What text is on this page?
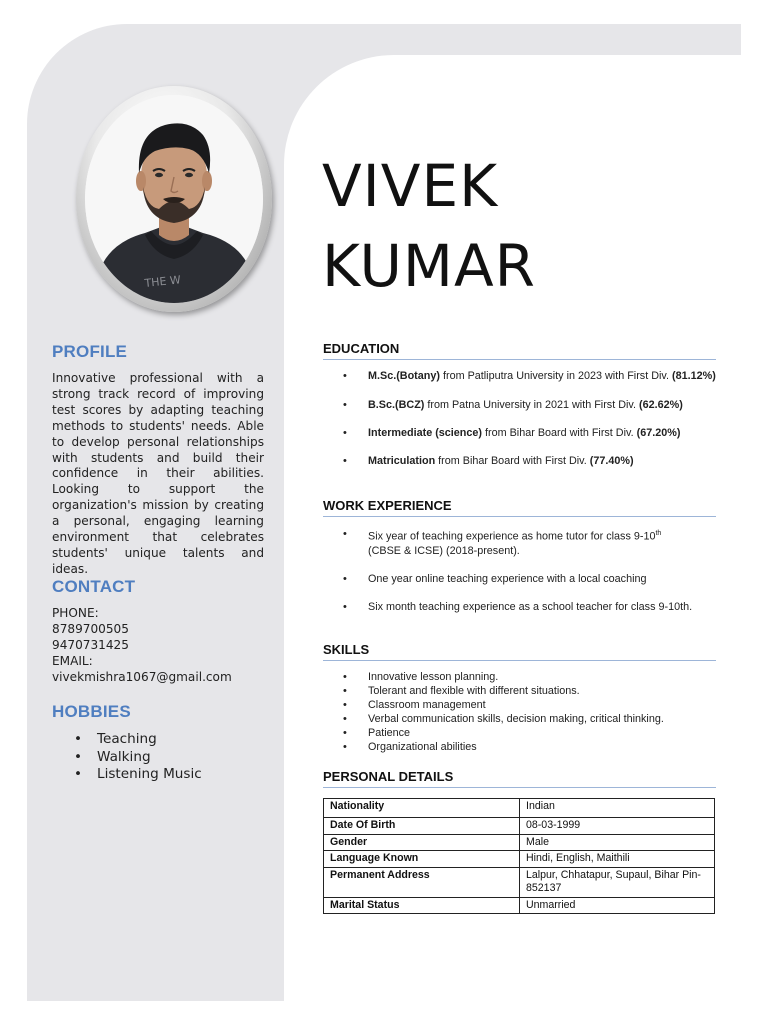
THE W
VIVEK
KUMAR
PROFILE
Innovative professional with a strong track record of improving test scores by adapting teaching methods to students' needs. Able to develop personal relationships with students and build their confidence in their abilities. Looking to support the organization's mission by creating a personal, engaging learning environment that celebrates students' unique talents and ideas.
CONTACT
PHONE:
8789700505
9470731425
EMAIL:
vivekmishra1067@gmail.com
HOBBIES
• Teaching
• Walking
• Listening Music
EDUCATION
• M.Sc.(Botany) from Patliputra University in 2023 with First Div. (81.12%)
• B.Sc.(BCZ) from Patna University in 2021 with First Div. (62.62%)
• Intermediate (science) from Bihar Board with First Div. (67.20%)
• Matriculation from Bihar Board with First Div. (77.40%)
WORK EXPERIENCE
• Six year of teaching experience as home tutor for class 9-10th
(CBSE & ICSE) (2018-present).
• One year online teaching experience with a local coaching
• Six month teaching experience as a school teacher for class 9-10th.
SKILLS
• Innovative lesson planning.
• Tolerant and flexible with different situations.
• Classroom management
• Verbal communication skills, decision making, critical thinking.
• Patience
• Organizational abilities
PERSONAL DETAILS
Nationality	Indian
Date Of Birth	08-03-1999
Gender	Male
Language Known	Hindi, English, Maithili
Permanent Address	Lalpur, Chhatapur, Supaul, Bihar Pin-852137
Marital Status	Unmarried
